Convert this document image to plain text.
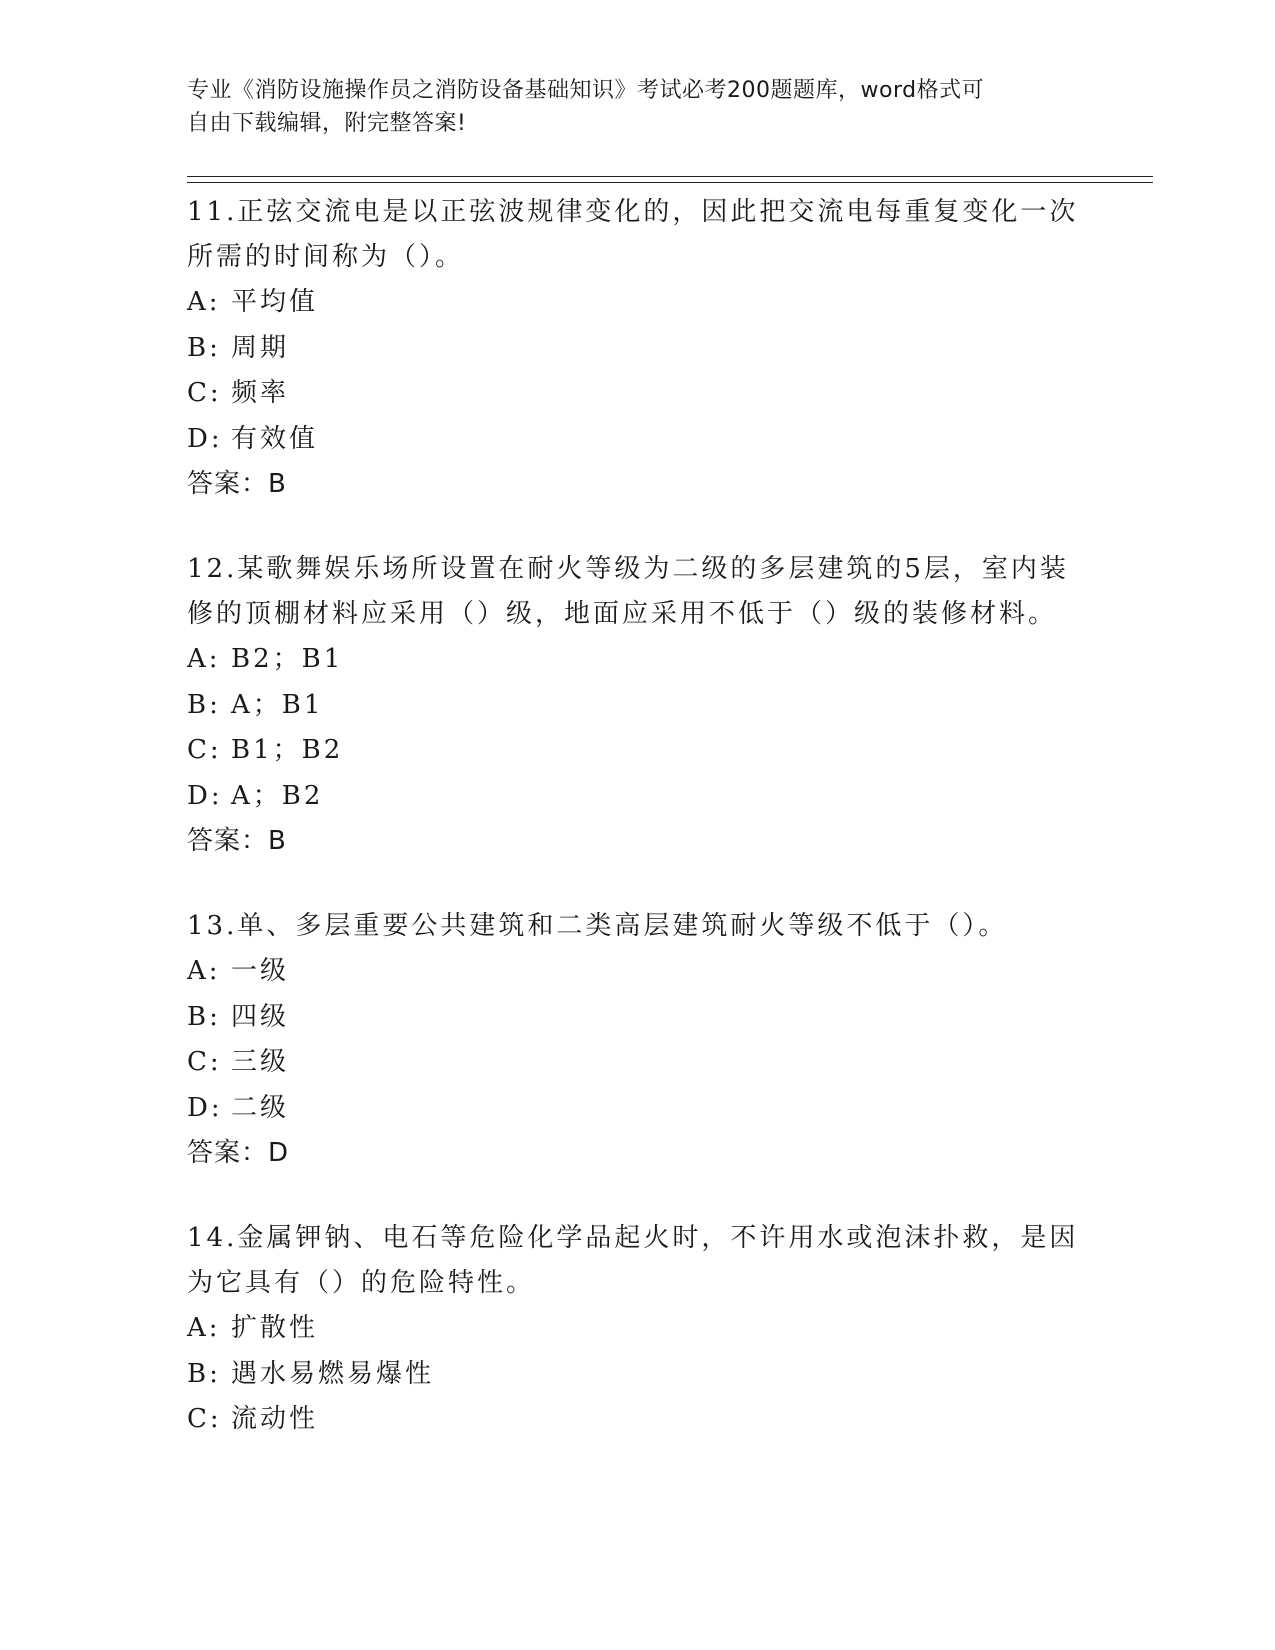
专业《消防设施操作员之消防设备基础知识》考试必考200题题库，word格式可
自由下载编辑，附完整答案!

11.正弦交流电是以正弦波规律变化的，因此把交流电每重复变化一次所需的时间称为（）。

A: 平均值
B: 周期
C: 频率
D: 有效值
答案：B

12.某歌舞娱乐场所设置在耐火等级为二级的多层建筑的5层，室内装修的顶棚材料应采用（）级，地面应采用不低于（）级的装修材料。

A: B2；B1
B: A；B1
C: B1；B2
D: A；B2
答案：B

13.单、多层重要公共建筑和二类高层建筑耐火等级不低于（）。

A: 一级
B: 四级
C: 三级
D: 二级
答案：D

14.金属钾钠、电石等危险化学品起火时，不许用水或泡沫扑救，是因为它具有（）的危险特性。

A: 扩散性
B: 遇水易燃易爆性
C: 流动性
